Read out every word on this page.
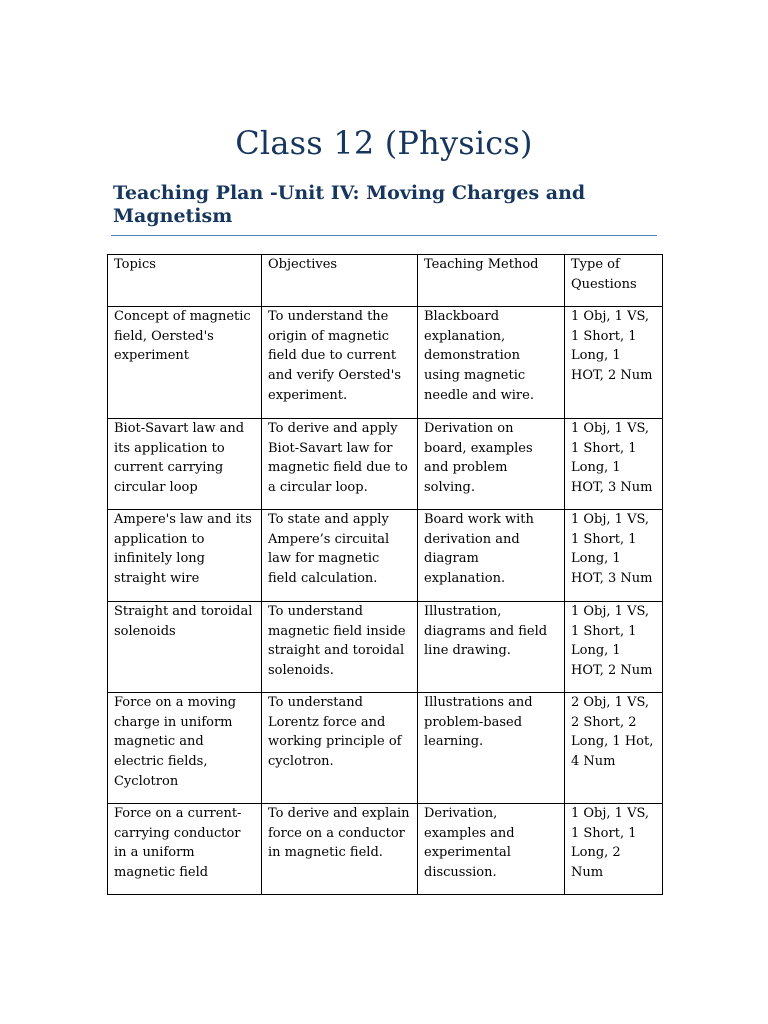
Class 12 (Physics)
Teaching Plan -Unit IV: Moving Charges and Magnetism
Topics	Objectives	Teaching Method	Type of Questions
Concept of magnetic field, Oersted's experiment	To understand the origin of magnetic field due to current and verify Oersted's experiment.	Blackboard explanation, demonstration using magnetic needle and wire.	1 Obj, 1 VS, 1 Short, 1 Long, 1 HOT, 2 Num
Biot-Savart law and its application to current carrying circular loop	To derive and apply Biot-Savart law for magnetic field due to a circular loop.	Derivation on board, examples and problem solving.	1 Obj, 1 VS, 1 Short, 1 Long, 1 HOT, 3 Num
Ampere's law and its application to infinitely long straight wire	To state and apply Ampere’s circuital law for magnetic field calculation.	Board work with derivation and diagram explanation.	1 Obj, 1 VS, 1 Short, 1 Long, 1 HOT, 3 Num
Straight and toroidal solenoids	To understand magnetic field inside straight and toroidal solenoids.	Illustration, diagrams and field line drawing.	1 Obj, 1 VS, 1 Short, 1 Long, 1 HOT, 2 Num
Force on a moving charge in uniform magnetic and electric fields, Cyclotron	To understand Lorentz force and working principle of cyclotron.	Illustrations and problem-based learning.	2 Obj, 1 VS, 2 Short, 2 Long, 1 Hot, 4 Num
Force on a current-carrying conductor in a uniform magnetic field	To derive and explain force on a conductor in magnetic field.	Derivation, examples and experimental discussion.	1 Obj, 1 VS, 1 Short, 1 Long, 2 Num
